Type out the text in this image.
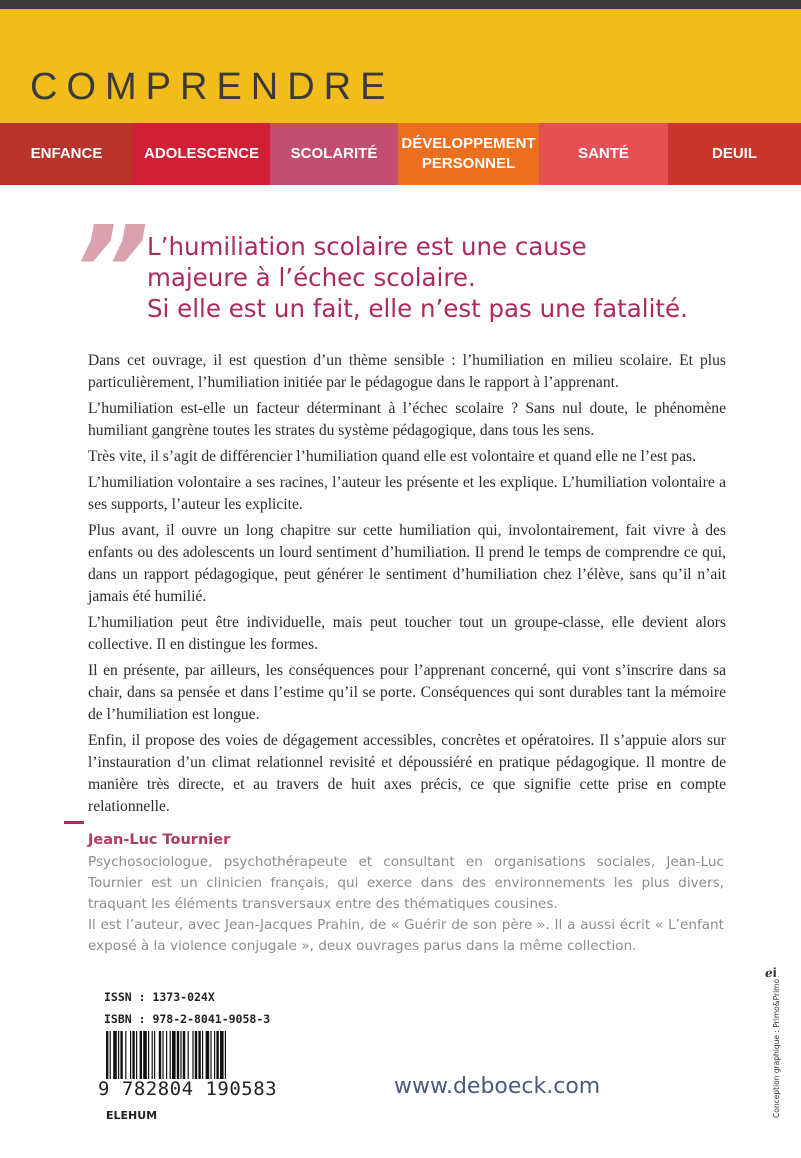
COMPRENDRE
ENFANCE	ADOLESCENCE SCOLARITÉ
DÉVELOPPEMENT
PERSONNEL
SANTÉ	DEUIL
”
L’humiliation scolaire est une cause
majeure à l’échec scolaire.
Si elle est un fait, elle n’est pas une fatalité.

Dans cet ouvrage, il est question d’un thème sensible : l’humiliation en milieu scolaire. Et plus particulièrement, l’humiliation initiée par le pédagogue dans le rapport à l’apprenant.

L’humiliation est-elle un facteur déterminant à l’échec scolaire ? Sans nul doute, le phénomène humiliant gangrène toutes les strates du système pédagogique, dans tous les sens.

Très vite, il s’agit de différencier l’humiliation quand elle est volontaire et quand elle ne l’est pas.

L’humiliation volontaire a ses racines, l’auteur les présente et les explique. L’humiliation volontaire a ses supports, l’auteur les explicite.

Plus avant, il ouvre un long chapitre sur cette humiliation qui, involontairement, fait vivre à des enfants ou des adolescents un lourd sentiment d’humiliation. Il prend le temps de comprendre ce qui, dans un rapport pédagogique, peut générer le sentiment d’humiliation chez l’élève, sans qu’il n’ait jamais été humilié.

L’humiliation peut être individuelle, mais peut toucher tout un groupe-classe, elle devient alors collective. Il en distingue les formes.

Il en présente, par ailleurs, les conséquences pour l’apprenant concerné, qui vont s’inscrire dans sa chair, dans sa pensée et dans l’estime qu’il se porte. Conséquences qui sont durables tant la mémoire de l’humiliation est longue.

Enfin, il propose des voies de dégagement accessibles, concrètes et opératoires. Il s’appuie alors sur l’instauration d’un climat relationnel revisité et dépoussiéré en pratique pédagogique. Il montre de manière très directe, et au travers de huit axes précis, ce que signifie cette prise en compte relationnelle.

Jean-Luc Tournier

Psychosociologue, psychothérapeute et consultant en organisations sociales, Jean-Luc Tournier est un clinicien français, qui exerce dans des environnements les plus divers, traquant les éléments transversaux entre des thématiques cousines.

Il est l’auteur, avec Jean-Jacques Prahin, de « Guérir de son père ». Il a aussi écrit « L’enfant exposé à la violence conjugale », deux ouvrages parus dans la même collection.

ISSN : 1373-024X
ISBN : 978-2-8041-9058-3
9 782804 190583
ELEHUM
www.deboeck.com
ℯi
Conception graphique : Primo&Primo
